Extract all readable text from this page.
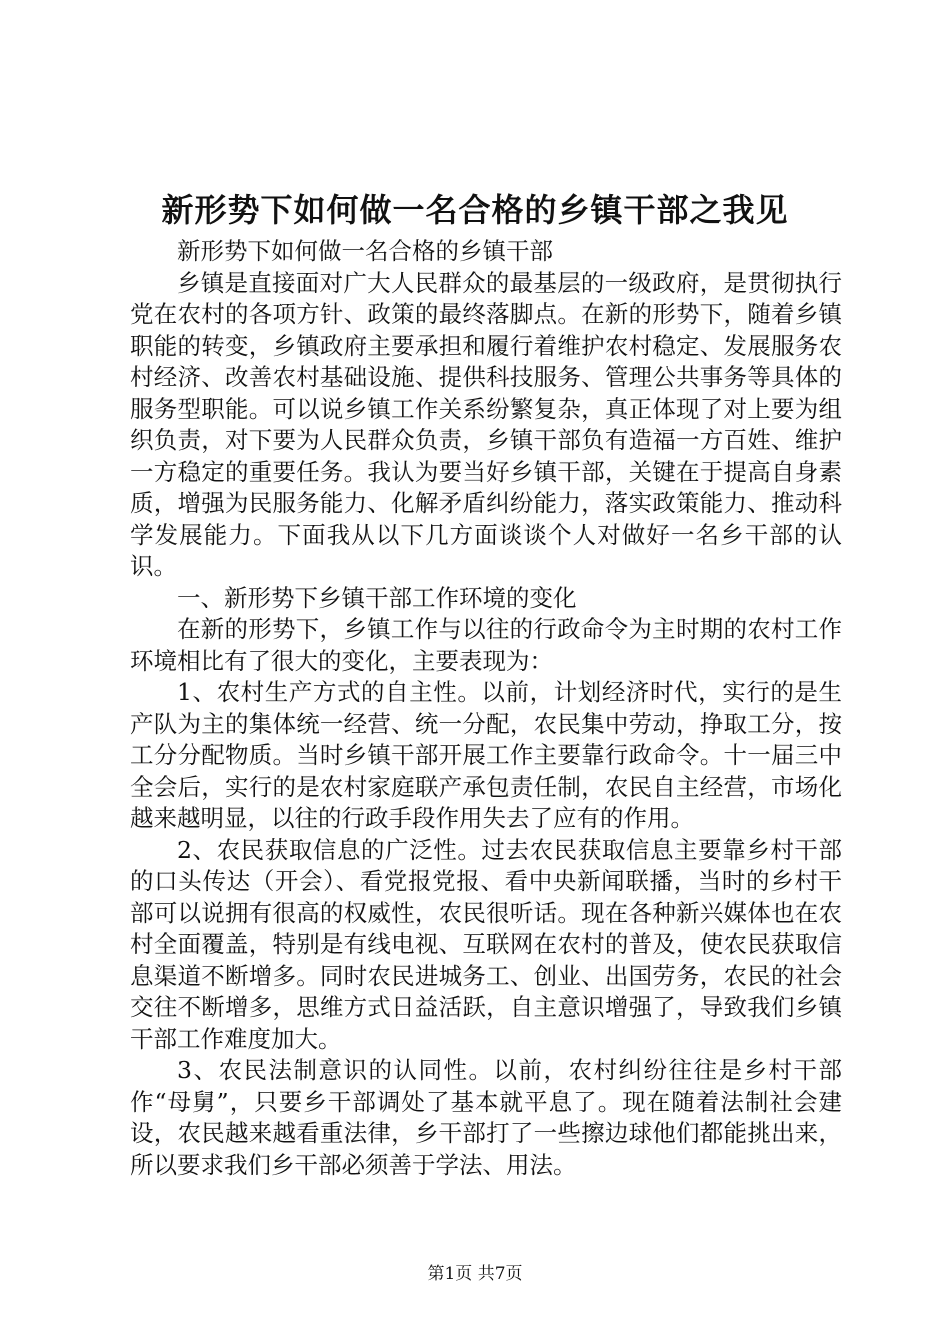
新形势下如何做一名合格的乡镇干部之我见

新形势下如何做一名合格的乡镇干部

乡镇是直接面对广大人民群众的最基层的一级政府，是贯彻执行党在农村的各项方针、政策的最终落脚点。在新的形势下，随着乡镇职能的转变，乡镇政府主要承担和履行着维护农村稳定、发展服务农村经济、改善农村基础设施、提供科技服务、管理公共事务等具体的服务型职能。可以说乡镇工作关系纷繁复杂，真正体现了对上要为组织负责，对下要为人民群众负责，乡镇干部负有造福一方百姓、维护一方稳定的重要任务。我认为要当好乡镇干部，关键在于提高自身素质，增强为民服务能力、化解矛盾纠纷能力，落实政策能力、推动科学发展能力。下面我从以下几方面谈谈个人对做好一名乡干部的认识。

一、新形势下乡镇干部工作环境的变化

在新的形势下，乡镇工作与以往的行政命令为主时期的农村工作环境相比有了很大的变化，主要表现为：

1、农村生产方式的自主性。以前，计划经济时代，实行的是生产队为主的集体统一经营、统一分配，农民集中劳动，挣取工分，按工分分配物质。当时乡镇干部开展工作主要靠行政命令。十一届三中全会后，实行的是农村家庭联产承包责任制，农民自主经营，市场化越来越明显，以往的行政手段作用失去了应有的作用。

2、农民获取信息的广泛性。过去农民获取信息主要靠乡村干部的口头传达（开会）、看党报党报、看中央新闻联播，当时的乡村干部可以说拥有很高的权威性，农民很听话。现在各种新兴媒体也在农村全面覆盖，特别是有线电视、互联网在农村的普及，使农民获取信息渠道不断增多。同时农民进城务工、创业、出国劳务，农民的社会交往不断增多，思维方式日益活跃，自主意识增强了，导致我们乡镇干部工作难度加大。

3、农民法制意识的认同性。以前，农村纠纷往往是乡村干部作“母舅”，只要乡干部调处了基本就平息了。现在随着法制社会建设，农民越来越看重法律，乡干部打了一些擦边球他们都能挑出来，所以要求我们乡干部必须善于学法、用法。

第1页 共7页
